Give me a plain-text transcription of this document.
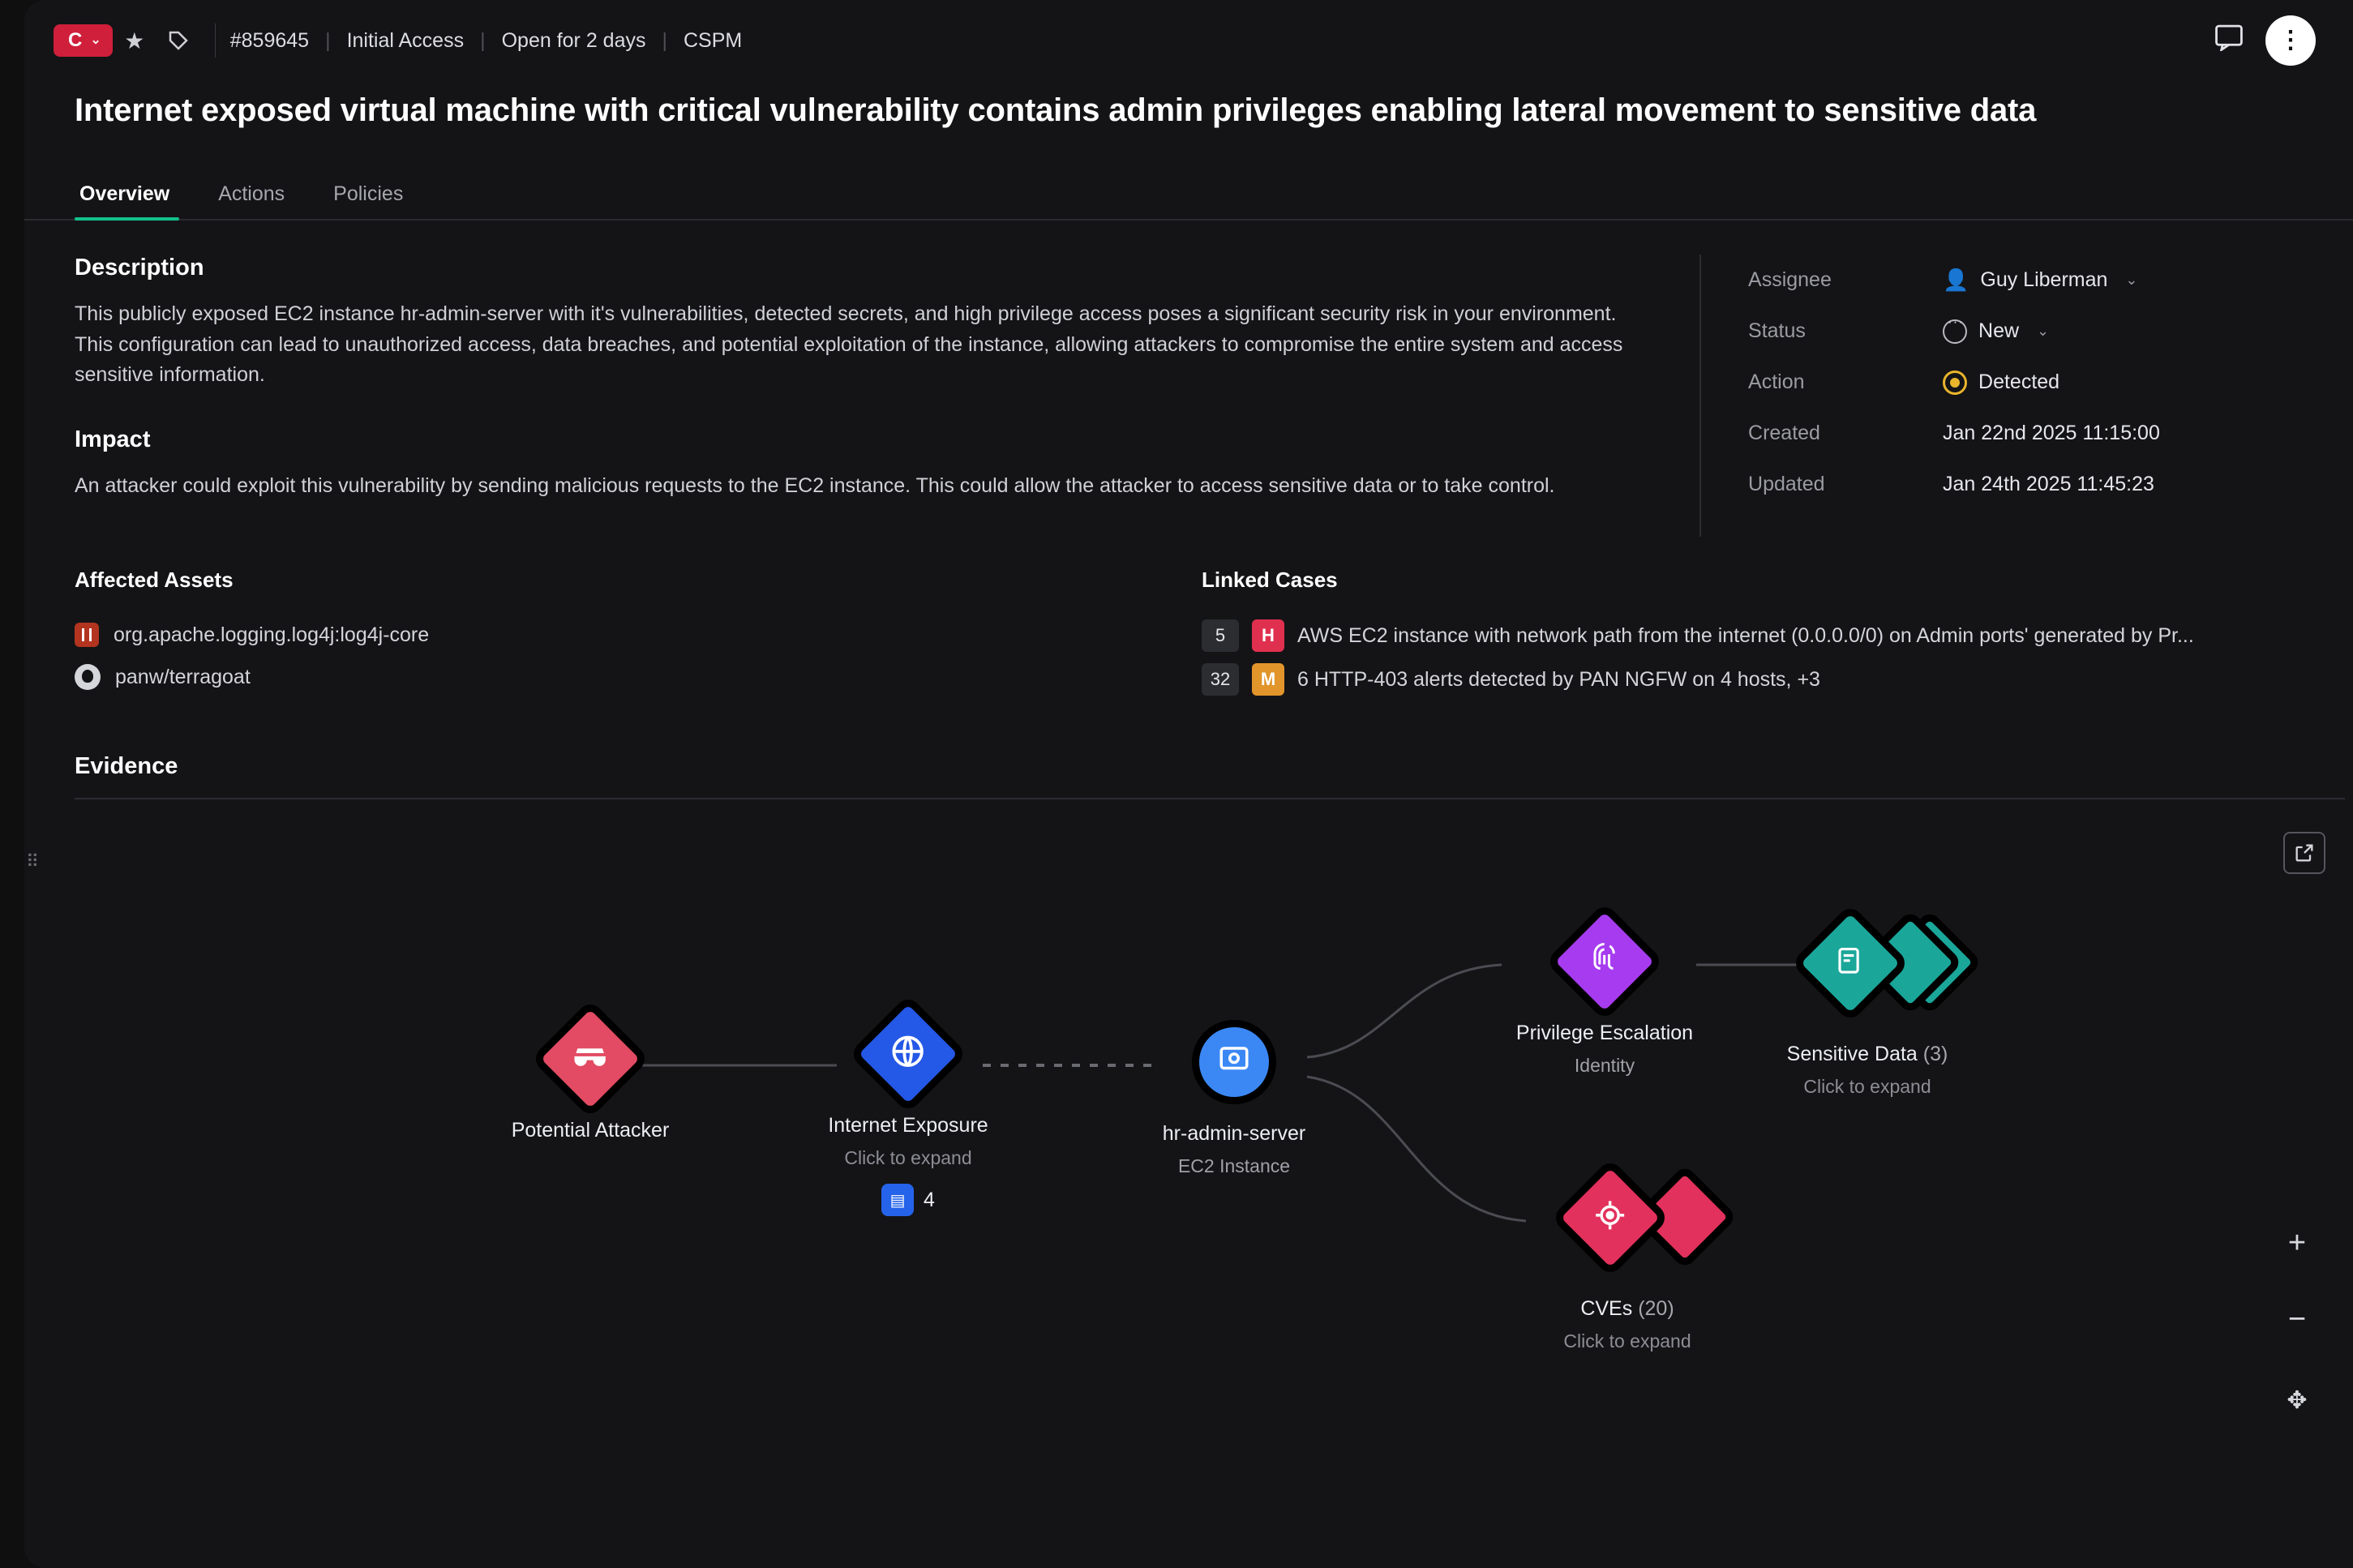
C ⌄	★	#859645 | Initial Access | Open for 2 days | CSPM	⋮
Internet exposed virtual machine with critical vulnerability contains admin privileges enabling lateral movement to sensitive data
Overview	Actions	Policies
Description

This publicly exposed EC2 instance hr-admin-server with it's vulnerabilities, detected secrets, and high privilege access poses a significant security risk in your environment. This configuration can lead to unauthorized access, data breaches, and potential exploitation of the instance, allowing attackers to compromise the entire system and access sensitive information.

Impact

An attacker could exploit this vulnerability by sending malicious requests to the EC2 instance. This could allow the attacker to access sensitive data or to take control.

Assignee	👤 Guy Liberman ⌄
Status ···	New ⌄
Action	Detected
Created	Jan 22nd 2025 11:15:00
Updated	Jan 24th 2025 11:45:23
Affected Assets
org.apache.logging.log4j:log4j-core
panw/terragoat
Linked Cases
5	H	AWS EC2 instance with network path from the internet (0.0.0.0/0) on Admin ports' generated by Pr...
32	M	6 HTTP-403 alerts detected by PAN NGFW on 4 hosts, +3
Evidence
Potential Attacker	Internet Exposure
Click to expand
▤ 4
hr-admin-server
EC2 Instance
Privilege Escalation
Identity	Sensitive Data (3)
Click to expand
CVEs (20)
Click to expand
+
−
✥
⠿
